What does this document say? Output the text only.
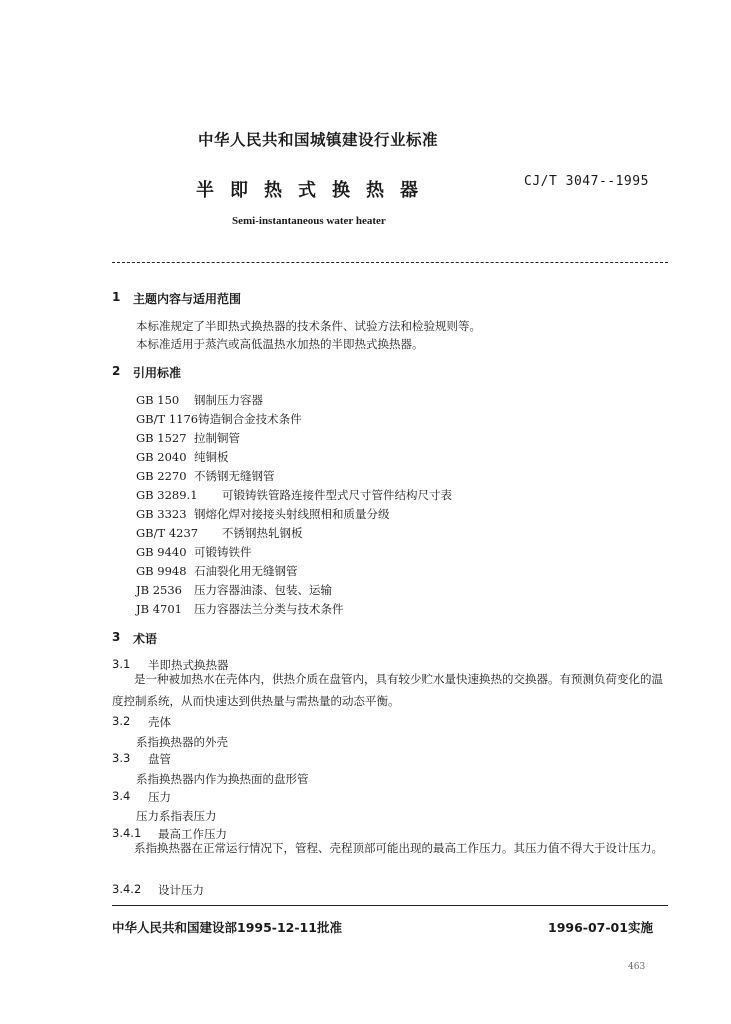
中华人民共和国城镇建设行业标准
半即热式换热器	CJ/T 3047--1995
Semi-instantaneous water heater
1 主题内容与适用范围
本标准规定了半即热式换热器的技术条件、试验方法和检验规则等。
本标准适用于蒸汽或高低温热水加热的半即热式换热器。
2 引用标准
GB 150 钢制压力容器
GB/T 1176铸造铜合金技术条件
GB 1527 拉制铜管
GB 2040 纯铜板
GB 2270 不锈钢无缝钢管
GB 3289.1 可锻铸铁管路连接件型式尺寸管件结构尺寸表
GB 3323 钢熔化焊对接接头射线照相和质量分级
GB/T 4237 不锈钢热轧钢板
GB 9440 可锻铸铁件
GB 9948 石油裂化用无缝钢管
JB 2536 压力容器油漆、包装、运输
JB 4701 压力容器法兰分类与技术条件
3 术语
3.1 半即热式换热器
是一种被加热水在壳体内，供热介质在盘管内，具有较少贮水量快速换热的交换器。有预测负荷变化的温度控制系统，从而快速达到供热量与需热量的动态平衡。
3.2 壳体
系指换热器的外壳
3.3 盘管
系指换热器内作为换热面的盘形管
3.4 压力
压力系指表压力
3.4.1 最高工作压力
系指换热器在正常运行情况下，管程、壳程顶部可能出现的最高工作压力。其压力值不得大于设计压力。
3.4.2 设计压力
中华人民共和国建设部1995-12-11批准	1996-07-01实施
463
